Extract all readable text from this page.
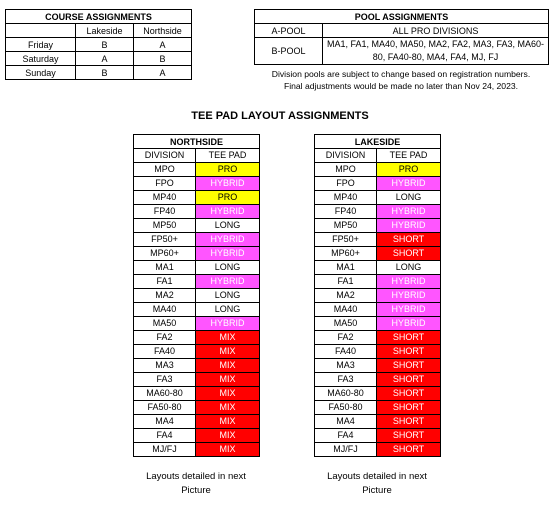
COURSE ASSIGNMENTS		
	Lakeside	Northside
Friday	B	A
Saturday	A	B
Sunday	B	A
POOL ASSIGNMENTS	
A-POOL	ALL PRO DIVISIONS
B-POOL	MA1, FA1, MA40, MA50, MA2, FA2, MA3, FA3, MA60-80, FA40-80, MA4, FA4, MJ, FJ
Division pools are subject to change based on registration numbers.
Final adjustments would be made no later than Nov 24, 2023.
TEE PAD LAYOUT ASSIGNMENTS
NORTHSIDE	
DIVISION	TEE PAD
MPO	PRO
FPO	HYBRID
MP40	PRO
FP40	HYBRID
MP50	LONG
FP50+	HYBRID
MP60+	HYBRID
MA1	LONG
FA1	HYBRID
MA2	LONG
MA40	LONG
MA50	HYBRID
FA2	MIX
FA40	MIX
MA3	MIX
FA3	MIX
MA60-80	MIX
FA50-80	MIX
MA4	MIX
FA4	MIX
MJ/FJ	MIX
LAKESIDE	
DIVISION	TEE PAD
MPO	PRO
FPO	HYBRID
MP40	LONG
FP40	HYBRID
MP50	HYBRID
FP50+	SHORT
MP60+	SHORT
MA1	LONG
FA1	HYBRID
MA2	HYBRID
MA40	HYBRID
MA50	HYBRID
FA2	SHORT
FA40	SHORT
MA3	SHORT
FA3	SHORT
MA60-80	SHORT
FA50-80	SHORT
MA4	SHORT
FA4	SHORT
MJ/FJ	SHORT
Layouts detailed in next
Picture
Layouts detailed in next
Picture
